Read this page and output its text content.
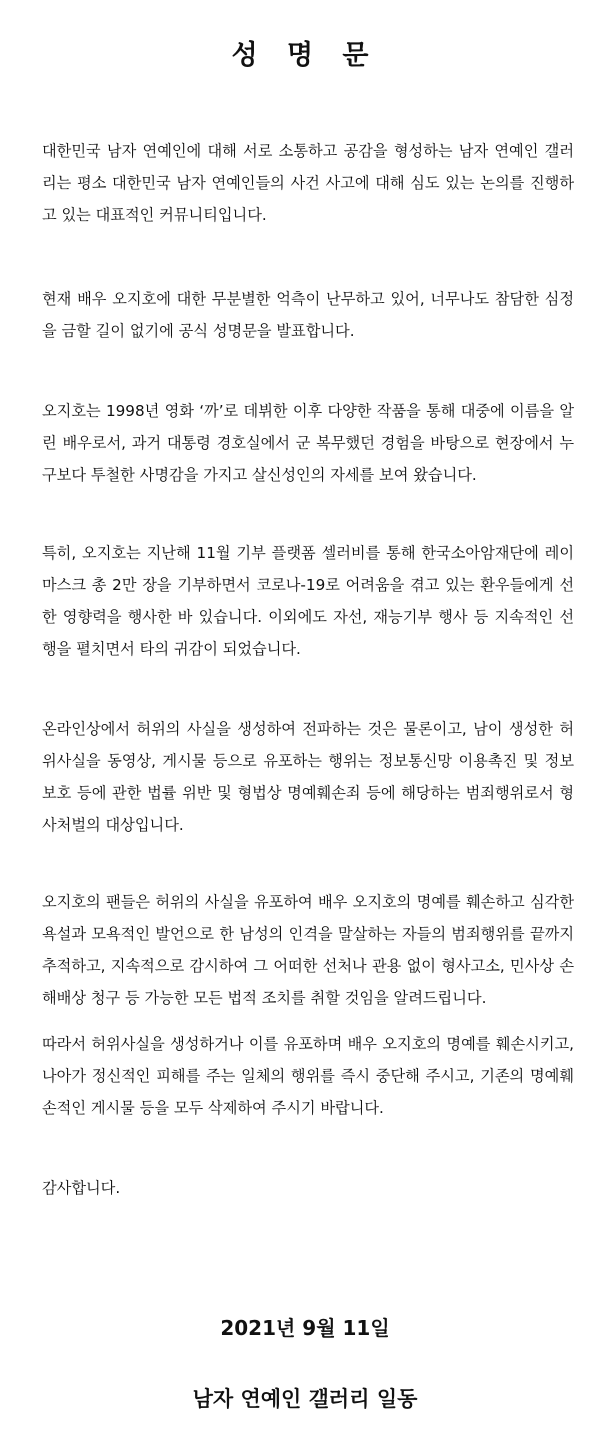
성 명 문

대한민국 남자 연예인에 대해 서로 소통하고 공감을 형성하는 남자 연예인 갤러리는 평소 대한민국 남자 연예인들의 사건 사고에 대해 심도 있는 논의를 진행하고 있는 대표적인 커뮤니티입니다.

현재 배우 오지호에 대한 무분별한 억측이 난무하고 있어, 너무나도 참담한 심정을 금할 길이 없기에 공식 성명문을 발표합니다.

오지호는 1998년 영화 ‘까’로 데뷔한 이후 다양한 작품을 통해 대중에 이름을 알린 배우로서, 과거 대통령 경호실에서 군 복무했던 경험을 바탕으로 현장에서 누구보다 투철한 사명감을 가지고 살신성인의 자세를 보여 왔습니다.

특히, 오지호는 지난해 11월 기부 플랫폼 셀러비를 통해 한국소아암재단에 레이마스크 총 2만 장을 기부하면서 코로나-19로 어려움을 겪고 있는 환우들에게 선한 영향력을 행사한 바 있습니다. 이외에도 자선, 재능기부 행사 등 지속적인 선행을 펼치면서 타의 귀감이 되었습니다.

온라인상에서 허위의 사실을 생성하여 전파하는 것은 물론이고, 남이 생성한 허위사실을 동영상, 게시물 등으로 유포하는 행위는 정보통신망 이용촉진 및 정보보호 등에 관한 법률 위반 및 형법상 명예훼손죄 등에 해당하는 범죄행위로서 형사처벌의 대상입니다.

오지호의 팬들은 허위의 사실을 유포하여 배우 오지호의 명예를 훼손하고 심각한 욕설과 모욕적인 발언으로 한 남성의 인격을 말살하는 자들의 범죄행위를 끝까지 추적하고, 지속적으로 감시하여 그 어떠한 선처나 관용 없이 형사고소, 민사상 손해배상 청구 등 가능한 모든 법적 조치를 취할 것임을 알려드립니다.

따라서 허위사실을 생성하거나 이를 유포하며 배우 오지호의 명예를 훼손시키고, 나아가 정신적인 피해를 주는 일체의 행위를 즉시 중단해 주시고, 기존의 명예훼손적인 게시물 등을 모두 삭제하여 주시기 바랍니다.

감사합니다.

2021년 9월 11일
남자 연예인 갤러리 일동
